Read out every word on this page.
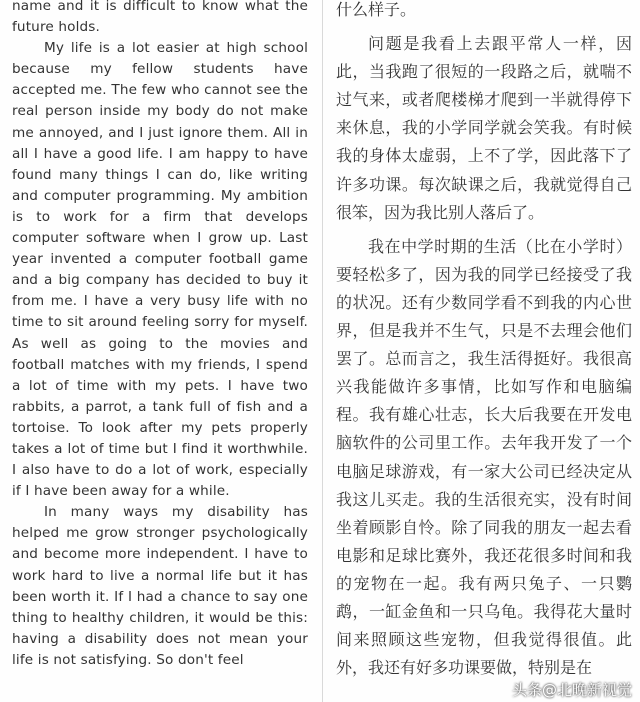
name and it is difficult to know what the future holds.

My life is a lot easier at high school because my fellow students have accepted me. The few who cannot see the real person inside my body do not make me annoyed, and I just ignore them. All in all I have a good life. I am happy to have found many things I can do, like writing and computer programming. My ambition is to work for a firm that develops computer software when I grow up. Last year invented a computer football game and a big company has decided to buy it from me. I have a very busy life with no time to sit around feeling sorry for myself. As well as going to the movies and football matches with my friends, I spend a lot of time with my pets. I have two rabbits, a parrot, a tank full of fish and a tortoise. To look after my pets properly takes a lot of time but I find it worthwhile. I also have to do a lot of work, especially if I have been away for a while.

In many ways my disability has helped me grow stronger psychologically and become more independent. I have to work hard to live a normal life but it has been worth it. If I had a chance to say one thing to healthy children, it would be this: having a disability does not mean your life is not satisfying. So don't feel

什么样子。

问题是我看上去跟平常人一样，因此，当我跑了很短的一段路之后，就喘不过气来，或者爬楼梯才爬到一半就得停下来休息，我的小学同学就会笑我。有时候我的身体太虚弱，上不了学，因此落下了许多功课。每次缺课之后，我就觉得自己很笨，因为我比别人落后了。

我在中学时期的生活（比在小学时）要轻松多了，因为我的同学已经接受了我的状况。还有少数同学看不到我的内心世界，但是我并不生气，只是不去理会他们罢了。总而言之，我生活得挺好。我很高兴我能做许多事情，比如写作和电脑编程。我有雄心壮志，长大后我要在开发电脑软件的公司里工作。去年我开发了一个电脑足球游戏，有一家大公司已经决定从我这儿买走。我的生活很充实，没有时间坐着顾影自怜。除了同我的朋友一起去看电影和足球比赛外，我还花很多时间和我的宠物在一起。我有两只兔子、一只鹦鹉，一缸金鱼和一只乌龟。我得花大量时间来照顾这些宠物，但我觉得很值。此外，我还有好多功课要做，特别是在

头条@北晚新视觉
